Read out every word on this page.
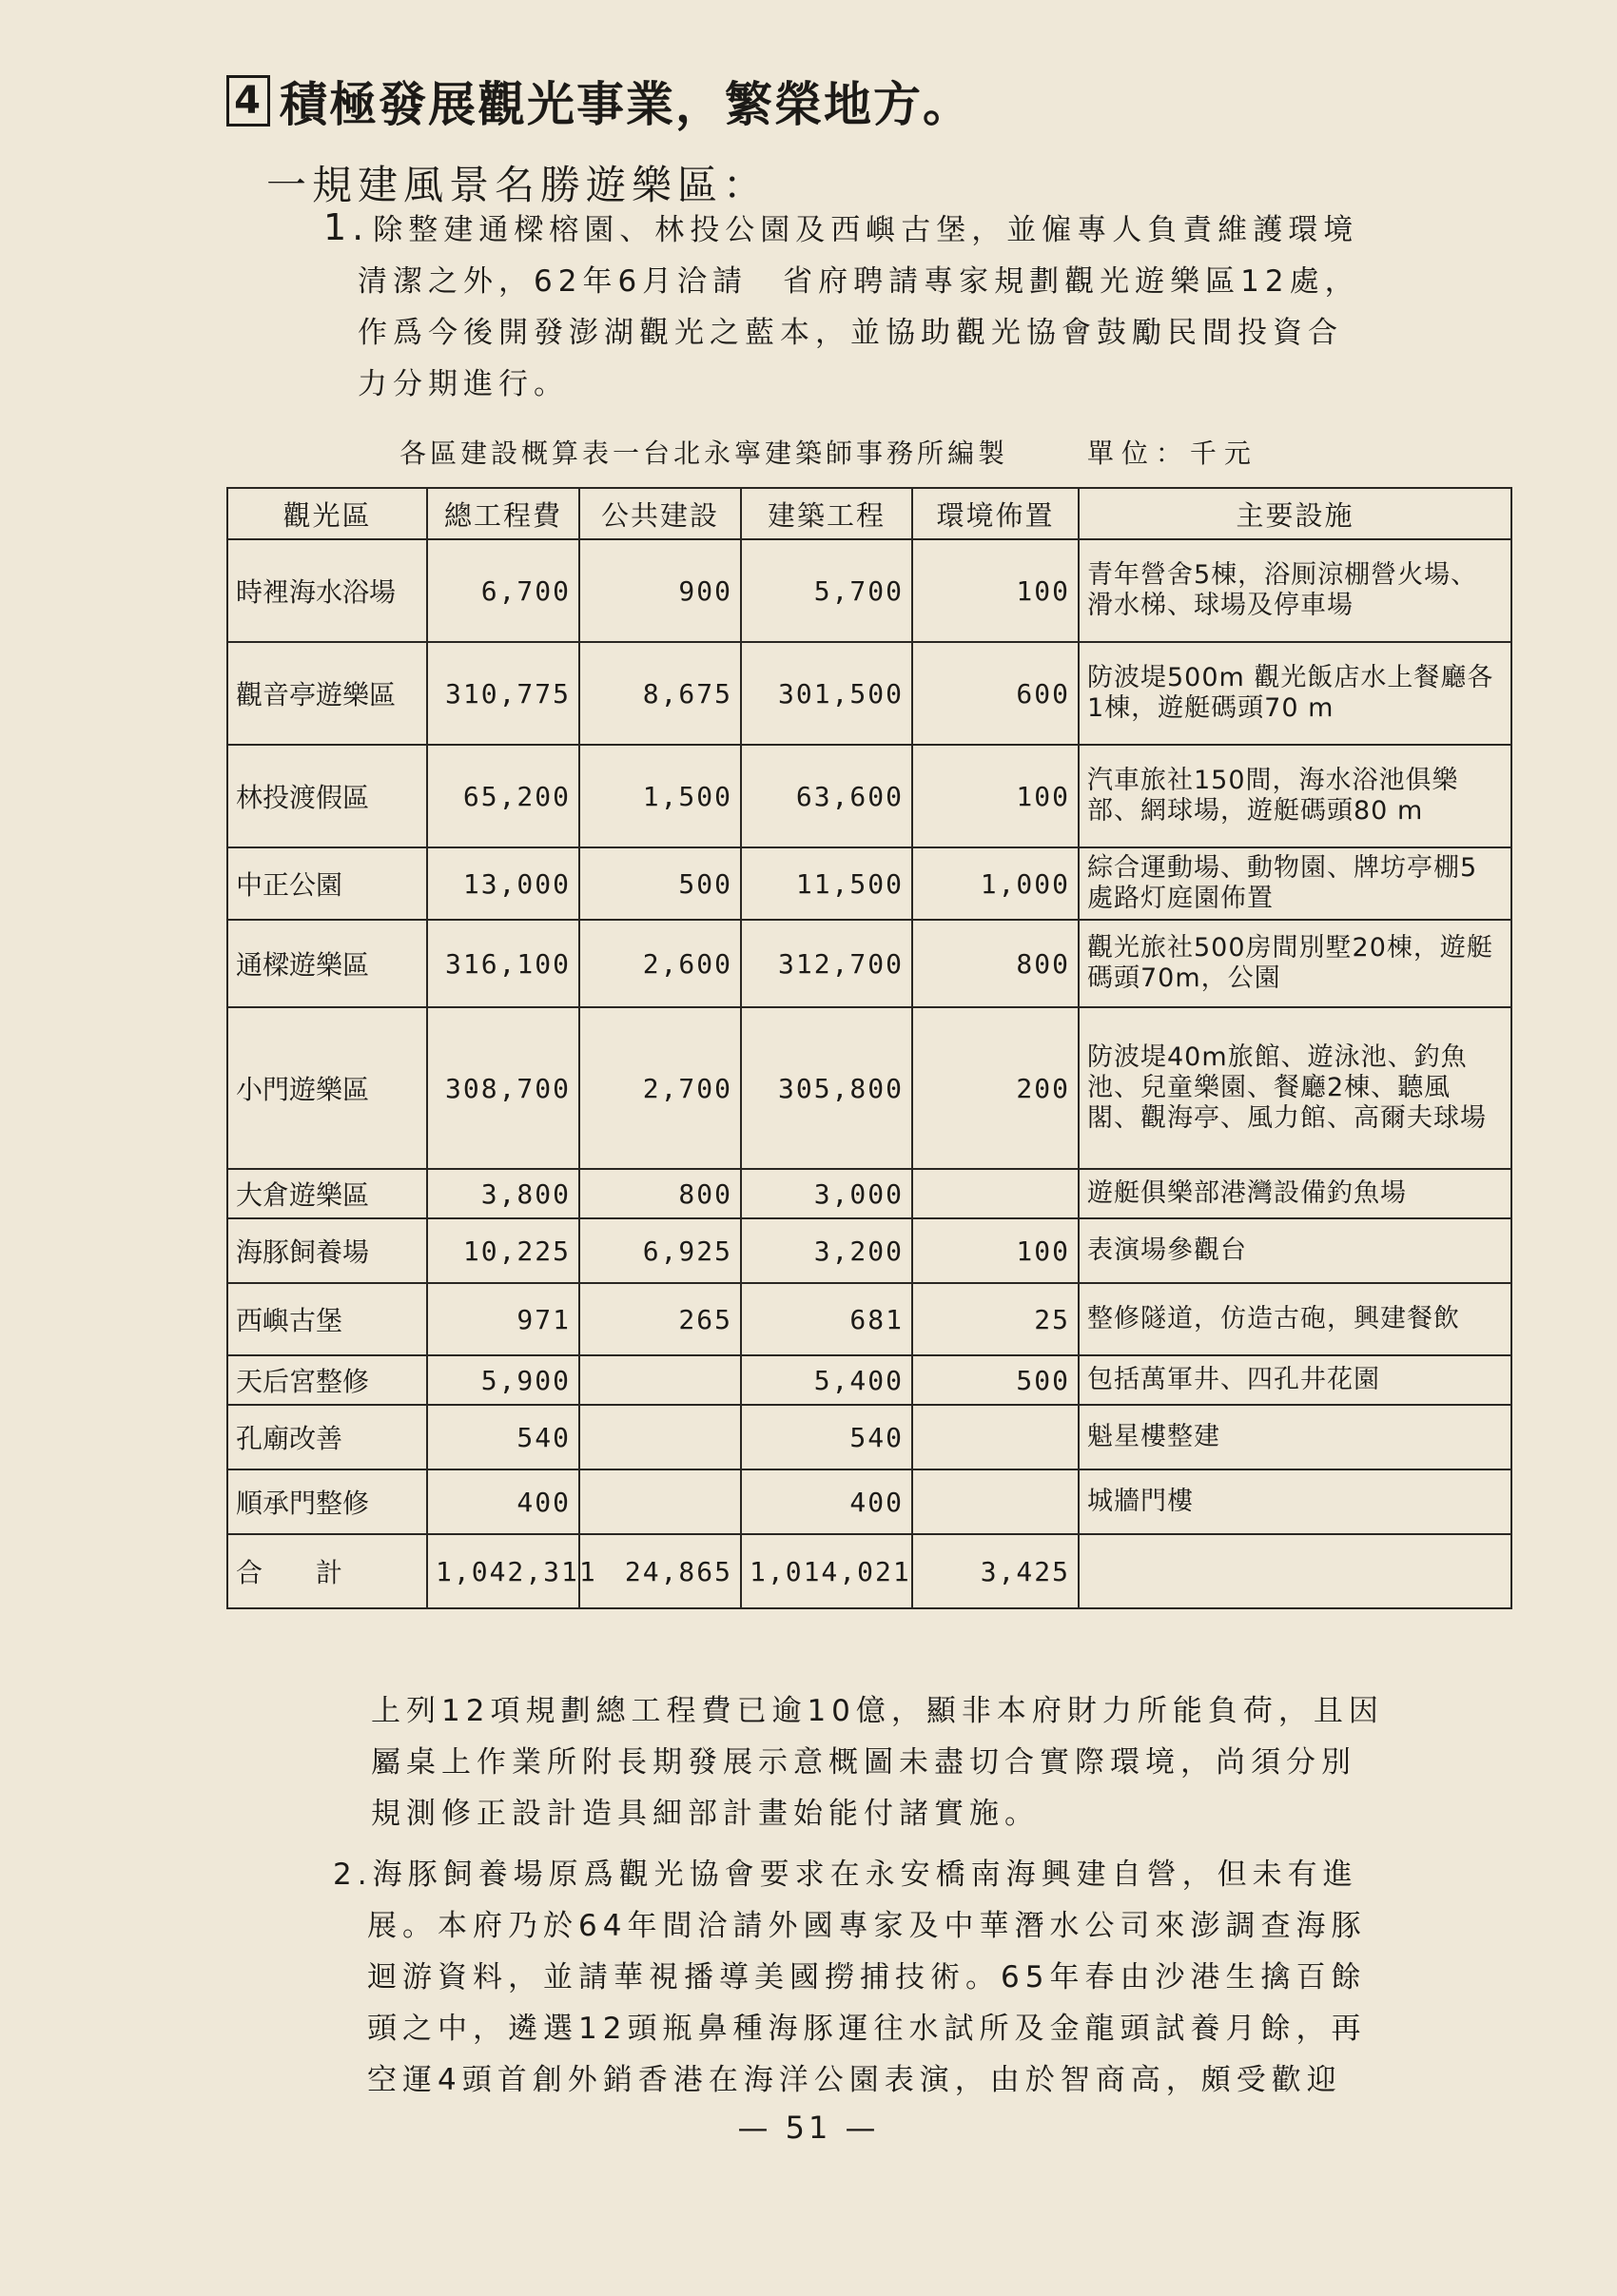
4 積極發展觀光事業，繁榮地方。
一規建風景名勝遊樂區：
1. 除整建通樑榕園、林投公園及西嶼古堡，並僱專人負責維護環境
清潔之外，62年6月洽請　省府聘請專家規劃觀光遊樂區12處，
作爲今後開發澎湖觀光之藍本，並協助觀光協會鼓勵民間投資合
力分期進行。
各區建設概算表一台北永寧建築師事務所編製	單位：千元
觀光區	總工程費	公共建設	建築工程	環境佈置	主要設施
時裡海水浴場	6,700	900	5,700	100	青年營舍5棟，浴厠涼棚營火場、滑水梯、球場及停車場
觀音亭遊樂區	310,775	8,675	301,500	600	防波堤500m 觀光飯店水上餐廳各1棟，遊艇碼頭70 m
林投渡假區	65,200	1,500	63,600	100	汽車旅社150間，海水浴池俱樂部、網球場，遊艇碼頭80 m
中正公園	13,000	500	11,500	1,000	綜合運動場、動物園、牌坊亭棚5處路灯庭園佈置
通樑遊樂區	316,100	2,600	312,700	800	觀光旅社500房間別墅20棟，遊艇碼頭70m，公園
小門遊樂區	308,700	2,700	305,800	200	防波堤40m旅館、遊泳池、釣魚池、兒童樂園、餐廳2棟、聽風閣、觀海亭、風力館、高爾夫球場
大倉遊樂區	3,800	800	3,000		遊艇俱樂部港灣設備釣魚場
海豚飼養場	10,225	6,925	3,200	100	表演場參觀台
西嶼古堡	971	265	681	25	整修隧道，仿造古砲，興建餐飲
天后宮整修	5,900		5,400	500	包括萬軍井、四孔井花園
孔廟改善	540		540		魁星樓整建
順承門整修	400		400		城牆門樓
合　　計	1,042,311	24,865	1,014,021	3,425	
上列12項規劃總工程費已逾10億，顯非本府財力所能負荷，且因
屬桌上作業所附長期發展示意概圖未盡切合實際環境，尚須分別
規測修正設計造具細部計畫始能付諸實施。
2.海豚飼養場原爲觀光協會要求在永安橋南海興建自營，但未有進
展。本府乃於64年間洽請外國專家及中華潛水公司來澎調查海豚
迴游資料，並請華視播導美國撈捕技術。65年春由沙港生擒百餘
頭之中，遴選12頭瓶鼻種海豚運往水試所及金龍頭試養月餘，再
空運4頭首創外銷香港在海洋公園表演，由於智商高，頗受歡迎
— 51 —
